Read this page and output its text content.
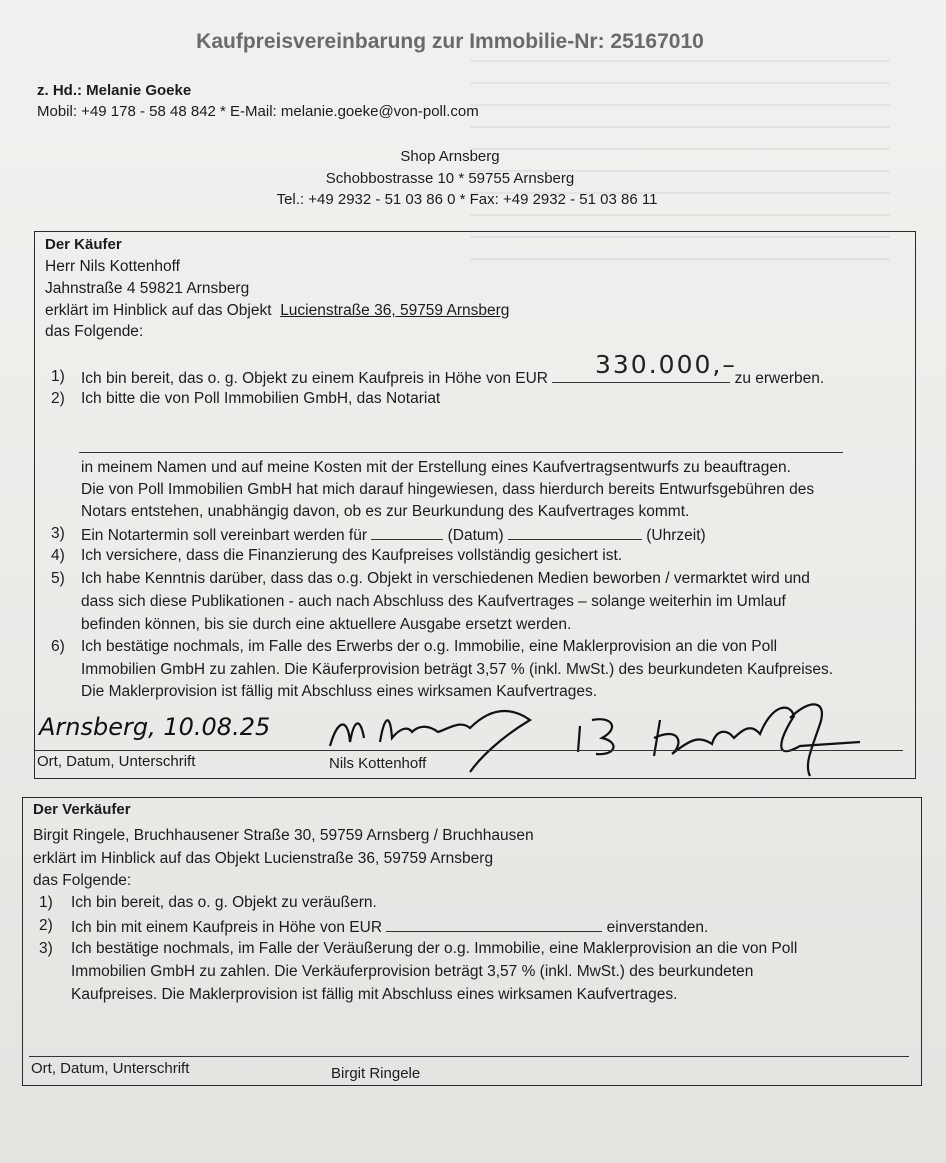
Kaufpreisvereinbarung zur Immobilie-Nr: 25167010
z. Hd.: Melanie Goeke
Mobil: +49 178 - 58 48 842 * E-Mail: melanie.goeke@von-poll.com
Shop Arnsberg
Schobbostrasse 10 * 59755 Arnsberg
Tel.: +49 2932 - 51 03 86 0 * Fax: +49 2932 - 51 03 86 11
Der Käufer
Herr Nils Kottenhoff
Jahnstraße 4 59821 Arnsberg
erklärt im Hinblick auf das Objekt Lucienstraße 36, 59759 Arnsberg
das Folgende:
1) Ich bin bereit, das o. g. Objekt zu einem Kaufpreis in Höhe von EUR	zu erwerben.
330.000,–
2) Ich bitte die von Poll Immobilien GmbH, das Notariat
in meinem Namen und auf meine Kosten mit der Erstellung eines Kaufvertragsentwurfs zu beauftragen.
Die von Poll Immobilien GmbH hat mich darauf hingewiesen, dass hierdurch bereits Entwurfsgebühren des
Notars entstehen, unabhängig davon, ob es zur Beurkundung des Kaufvertrages kommt.
3) Ein Notartermin soll vereinbart werden für	(Datum)	(Uhrzeit)
4) Ich versichere, dass die Finanzierung des Kaufpreises vollständig gesichert ist.
5) Ich habe Kenntnis darüber, dass das o.g. Objekt in verschiedenen Medien beworben / vermarktet wird und
dass sich diese Publikationen - auch nach Abschluss des Kaufvertrages – solange weiterhin im Umlauf
befinden können, bis sie durch eine aktuellere Ausgabe ersetzt werden.
6) Ich bestätige nochmals, im Falle des Erwerbs der o.g. Immobilie, eine Maklerprovision an die von Poll
Immobilien GmbH zu zahlen. Die Käuferprovision beträgt 3,57 % (inkl. MwSt.) des beurkundeten Kaufpreises.
Die Maklerprovision ist fällig mit Abschluss eines wirksamen Kaufvertrages.
Arnsberg, 10.08.25
Ort, Datum, Unterschrift	Nils Kottenhoff
Der Verkäufer
Birgit Ringele, Bruchhausener Straße 30, 59759 Arnsberg / Bruchhausen
erklärt im Hinblick auf das Objekt Lucienstraße 36, 59759 Arnsberg
das Folgende:
1) Ich bin bereit, das o. g. Objekt zu veräußern.
2) Ich bin mit einem Kaufpreis in Höhe von EUR	einverstanden.
3) Ich bestätige nochmals, im Falle der Veräußerung der o.g. Immobilie, eine Maklerprovision an die von Poll
Immobilien GmbH zu zahlen. Die Verkäuferprovision beträgt 3,57 % (inkl. MwSt.) des beurkundeten
Kaufpreises. Die Maklerprovision ist fällig mit Abschluss eines wirksamen Kaufvertrages.
Ort, Datum, Unterschrift	Birgit Ringele
